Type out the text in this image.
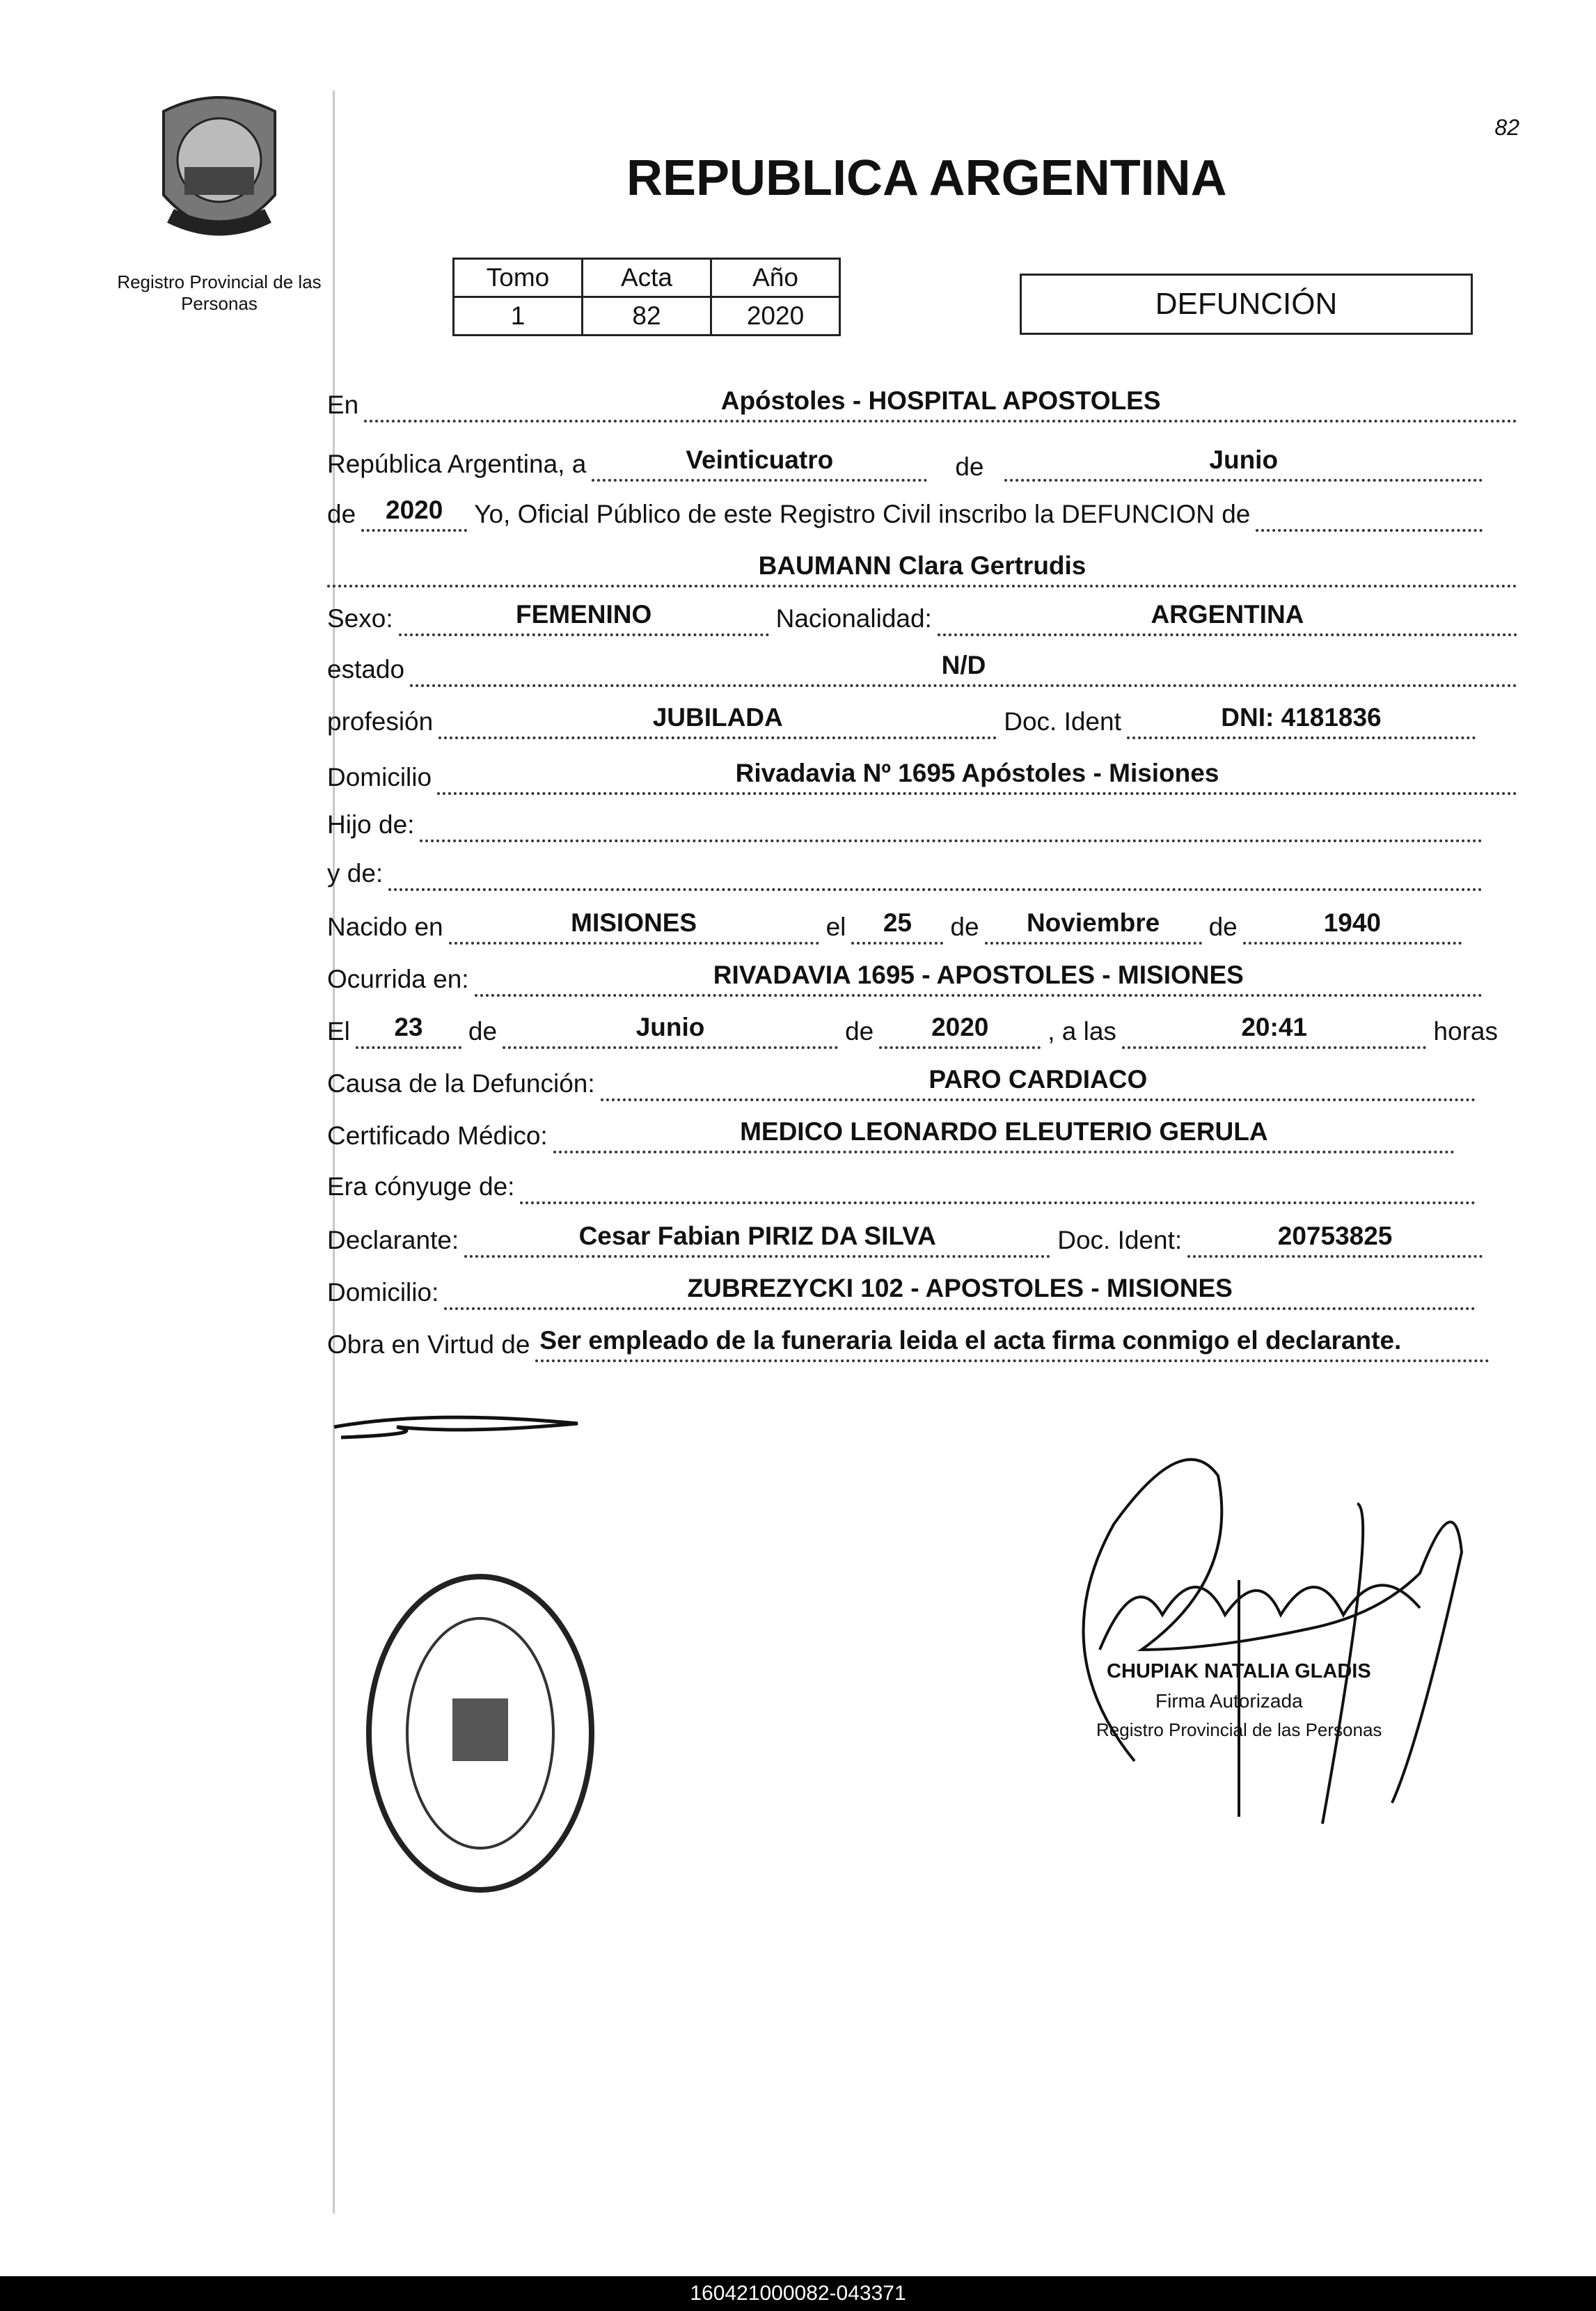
82
Registro Provincial de las Personas
REPUBLICA ARGENTINA
Tomo	Acta	Año
1	82	2020	DEFUNCIÓN
En	Apóstoles - HOSPITAL APOSTOLES
República Argentina, a	Veinticuatro	de	Junio
de	2020	Yo, Oficial Público de este Registro Civil inscribo la DEFUNCION de
BAUMANN Clara Gertrudis
Sexo:	FEMENINO	Nacionalidad:	ARGENTINA
estado	N/D
profesión	JUBILADA	Doc. Ident	DNI: 4181836
Domicilio	Rivadavia Nº 1695 Apóstoles - Misiones
Hijo de:
y de:
Nacido en	MISIONES	el	25	de	Noviembre	de	1940
Ocurrida en:	RIVADAVIA 1695 - APOSTOLES - MISIONES
El	23	de	Junio	de	2020	, a las	20:41	horas
Causa de la Defunción:	PARO CARDIACO
Certificado Médico:	MEDICO LEONARDO ELEUTERIO GERULA
Era cónyuge de:
Declarante:	Cesar Fabian PIRIZ DA SILVA	Doc. Ident:	20753825
Domicilio:	ZUBREZYCKI 102 - APOSTOLES - MISIONES
Obra en Virtud de Ser empleado de la funeraria leida el acta firma conmigo el declarante.
CHUPIAK NATALIA GLADIS
Firma Autorizada
Registro Provincial de las Personas
160421000082-043371
